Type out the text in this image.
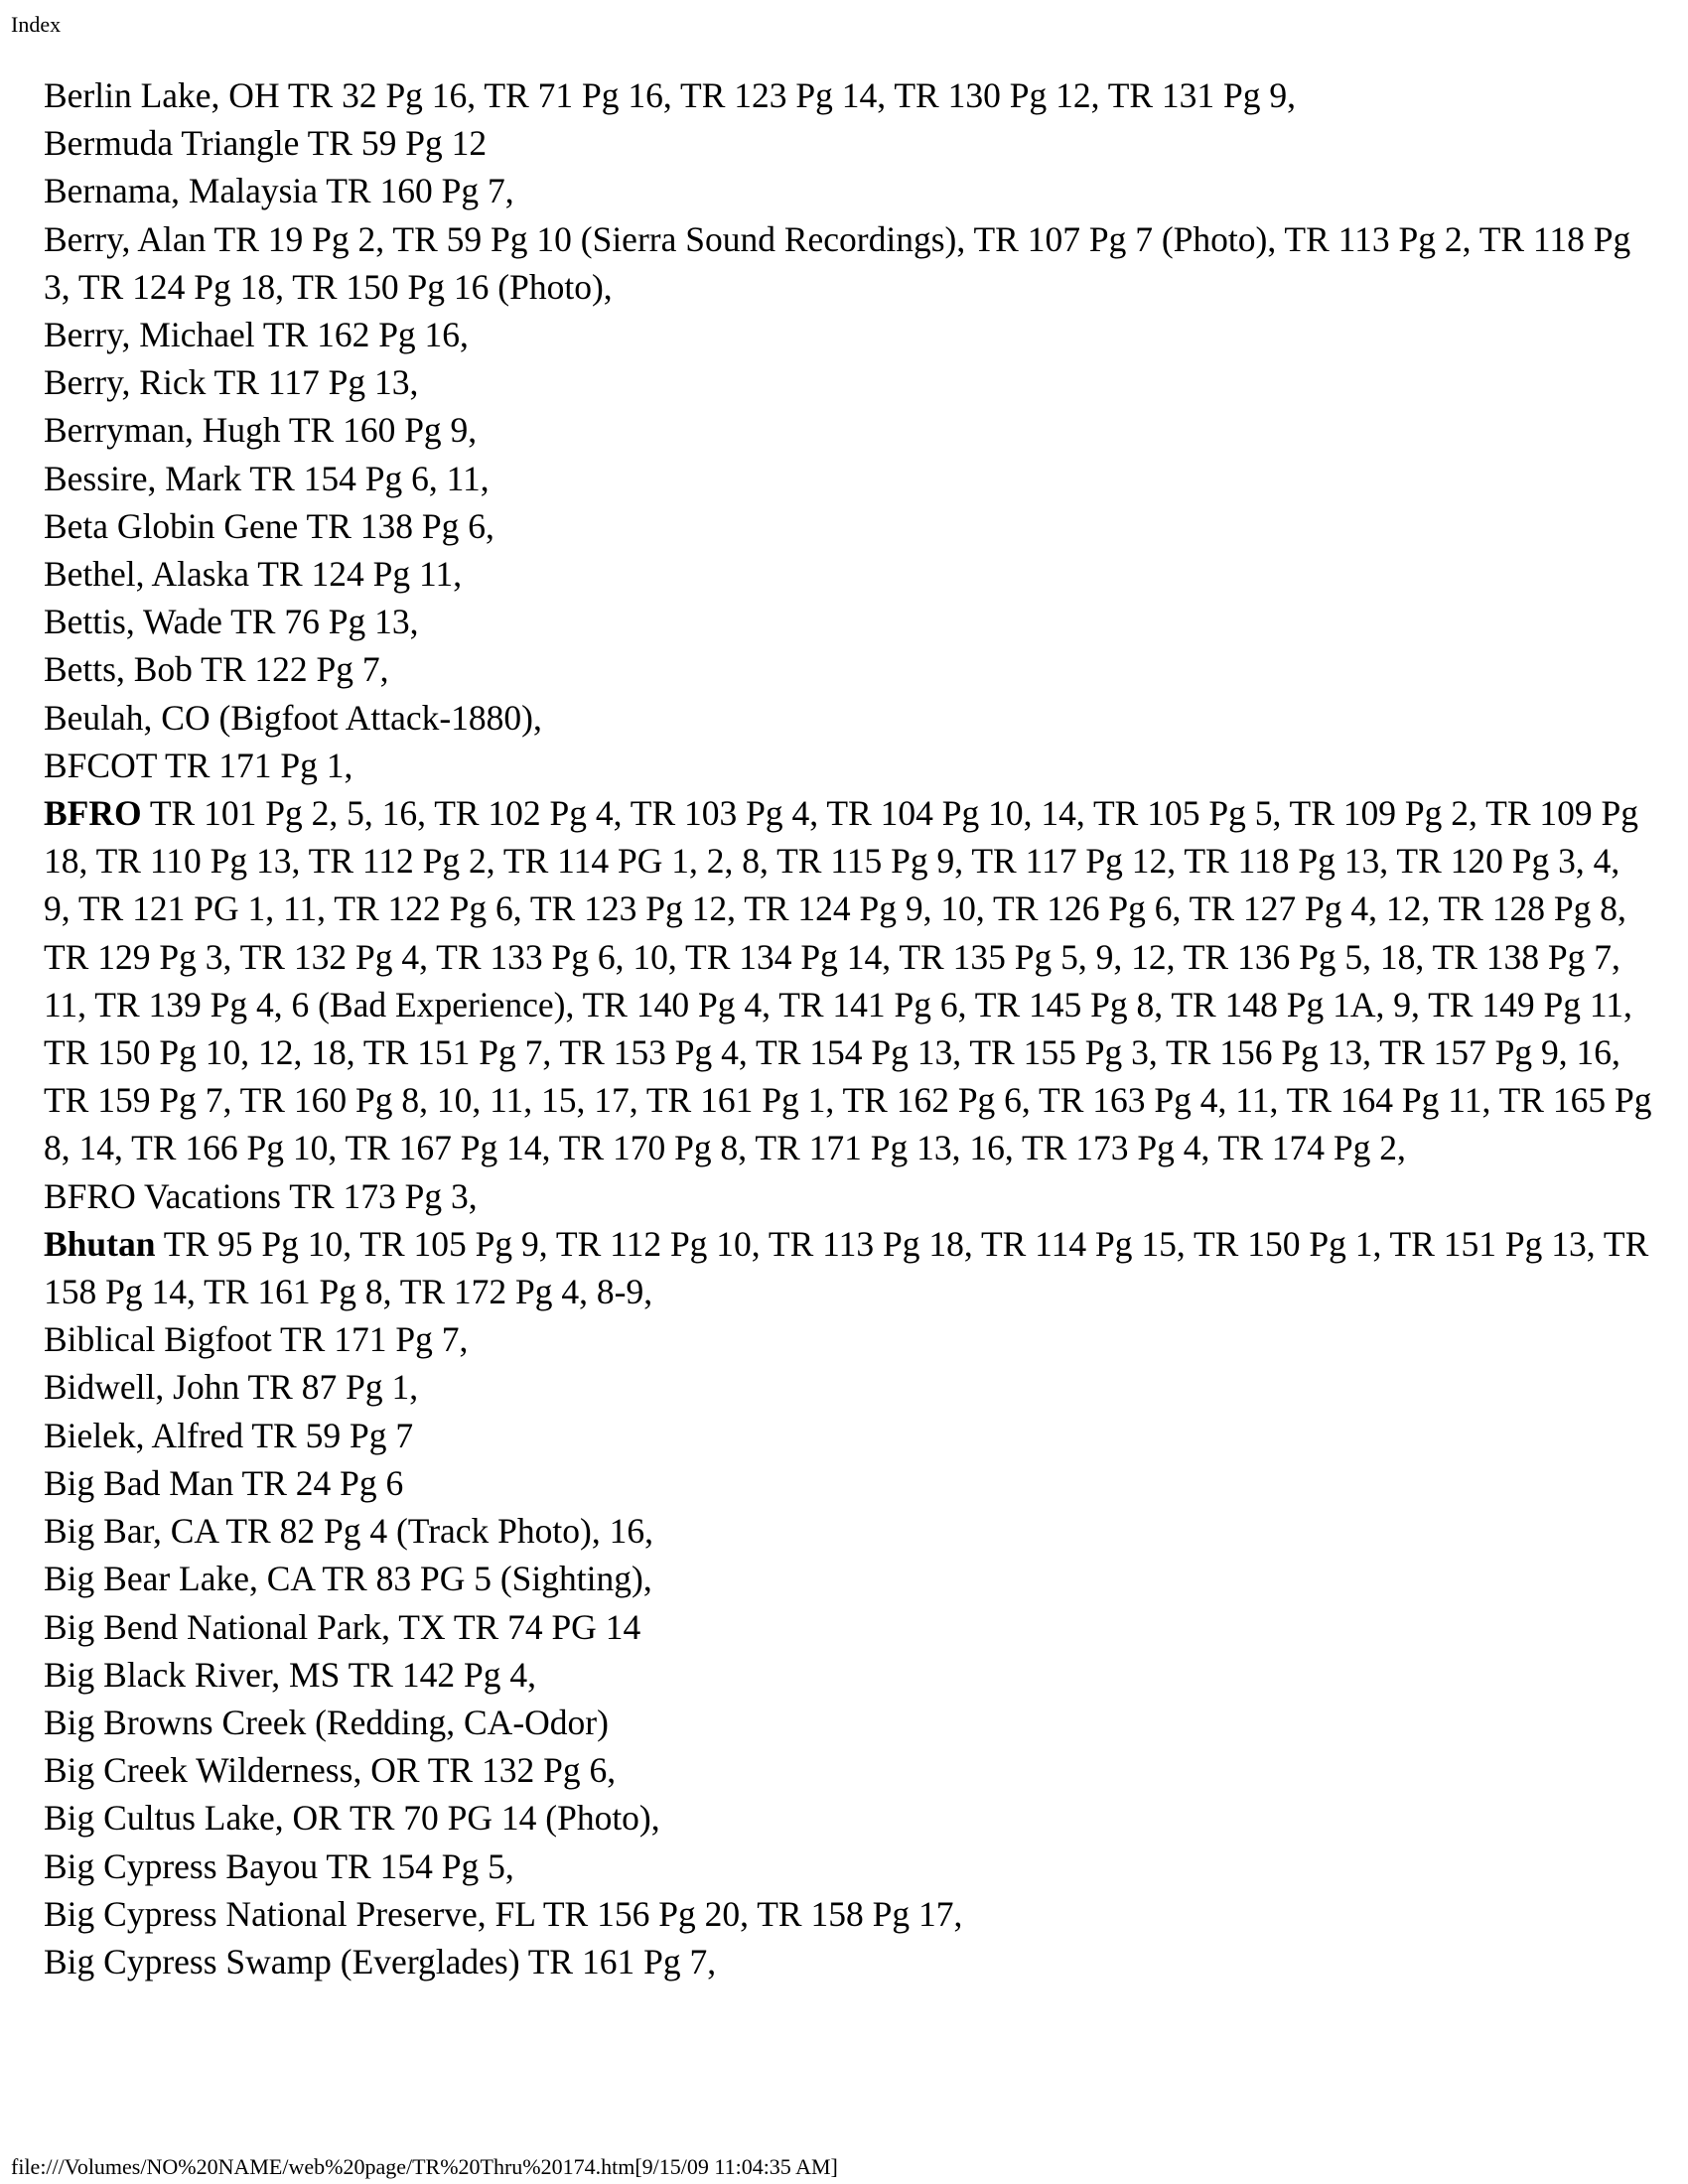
Index
Berlin Lake, OH TR 32 Pg 16, TR 71 Pg 16, TR 123 Pg 14, TR 130 Pg 12, TR 131 Pg 9,
Bermuda Triangle TR 59 Pg 12
Bernama, Malaysia TR 160 Pg 7,
Berry, Alan TR 19 Pg 2, TR 59 Pg 10 (Sierra Sound Recordings), TR 107 Pg 7 (Photo), TR 113 Pg 2, TR 118 Pg 3, TR 124 Pg 18, TR 150 Pg 16 (Photo),
Berry, Michael TR 162 Pg 16,
Berry, Rick TR 117 Pg 13,
Berryman, Hugh TR 160 Pg 9,
Bessire, Mark TR 154 Pg 6, 11,
Beta Globin Gene TR 138 Pg 6,
Bethel, Alaska TR 124 Pg 11,
Bettis, Wade TR 76 Pg 13,
Betts, Bob TR 122 Pg 7,
Beulah, CO (Bigfoot Attack-1880),
BFCOT TR 171 Pg 1,
BFRO TR 101 Pg 2, 5, 16, TR 102 Pg 4, TR 103 Pg 4, TR 104 Pg 10, 14, TR 105 Pg 5, TR 109 Pg 2, TR 109 Pg 18, TR 110 Pg 13, TR 112 Pg 2, TR 114 PG 1, 2, 8, TR 115 Pg 9, TR 117 Pg 12, TR 118 Pg 13, TR 120 Pg 3, 4, 9, TR 121 PG 1, 11, TR 122 Pg 6, TR 123 Pg 12, TR 124 Pg 9, 10, TR 126 Pg 6, TR 127 Pg 4, 12, TR 128 Pg 8, TR 129 Pg 3, TR 132 Pg 4, TR 133 Pg 6, 10, TR 134 Pg 14, TR 135 Pg 5, 9, 12, TR 136 Pg 5, 18, TR 138 Pg 7, 11, TR 139 Pg 4, 6 (Bad Experience), TR 140 Pg 4, TR 141 Pg 6, TR 145 Pg 8, TR 148 Pg 1A, 9, TR 149 Pg 11, TR 150 Pg 10, 12, 18, TR 151 Pg 7, TR 153 Pg 4, TR 154 Pg 13, TR 155 Pg 3, TR 156 Pg 13, TR 157 Pg 9, 16, TR 159 Pg 7, TR 160 Pg 8, 10, 11, 15, 17, TR 161 Pg 1, TR 162 Pg 6, TR 163 Pg 4, 11, TR 164 Pg 11, TR 165 Pg 8, 14, TR 166 Pg 10, TR 167 Pg 14, TR 170 Pg 8, TR 171 Pg 13, 16, TR 173 Pg 4, TR 174 Pg 2,
BFRO Vacations TR 173 Pg 3,
Bhutan TR 95 Pg 10, TR 105 Pg 9, TR 112 Pg 10, TR 113 Pg 18, TR 114 Pg 15, TR 150 Pg 1, TR 151 Pg 13, TR 158 Pg 14, TR 161 Pg 8, TR 172 Pg 4, 8-9,
Biblical Bigfoot TR 171 Pg 7,
Bidwell, John TR 87 Pg 1,
Bielek, Alfred TR 59 Pg 7
Big Bad Man TR 24 Pg 6
Big Bar, CA TR 82 Pg 4 (Track Photo), 16,
Big Bear Lake, CA TR 83 PG 5 (Sighting),
Big Bend National Park, TX TR 74 PG 14
Big Black River, MS TR 142 Pg 4,
Big Browns Creek (Redding, CA-Odor)
Big Creek Wilderness, OR TR 132 Pg 6,
Big Cultus Lake, OR TR 70 PG 14 (Photo),
Big Cypress Bayou TR 154 Pg 5,
Big Cypress National Preserve, FL TR 156 Pg 20, TR 158 Pg 17,
Big Cypress Swamp (Everglades) TR 161 Pg 7,
file:///Volumes/NO%20NAME/web%20page/TR%20Thru%20174.htm[9/15/09 11:04:35 AM]
